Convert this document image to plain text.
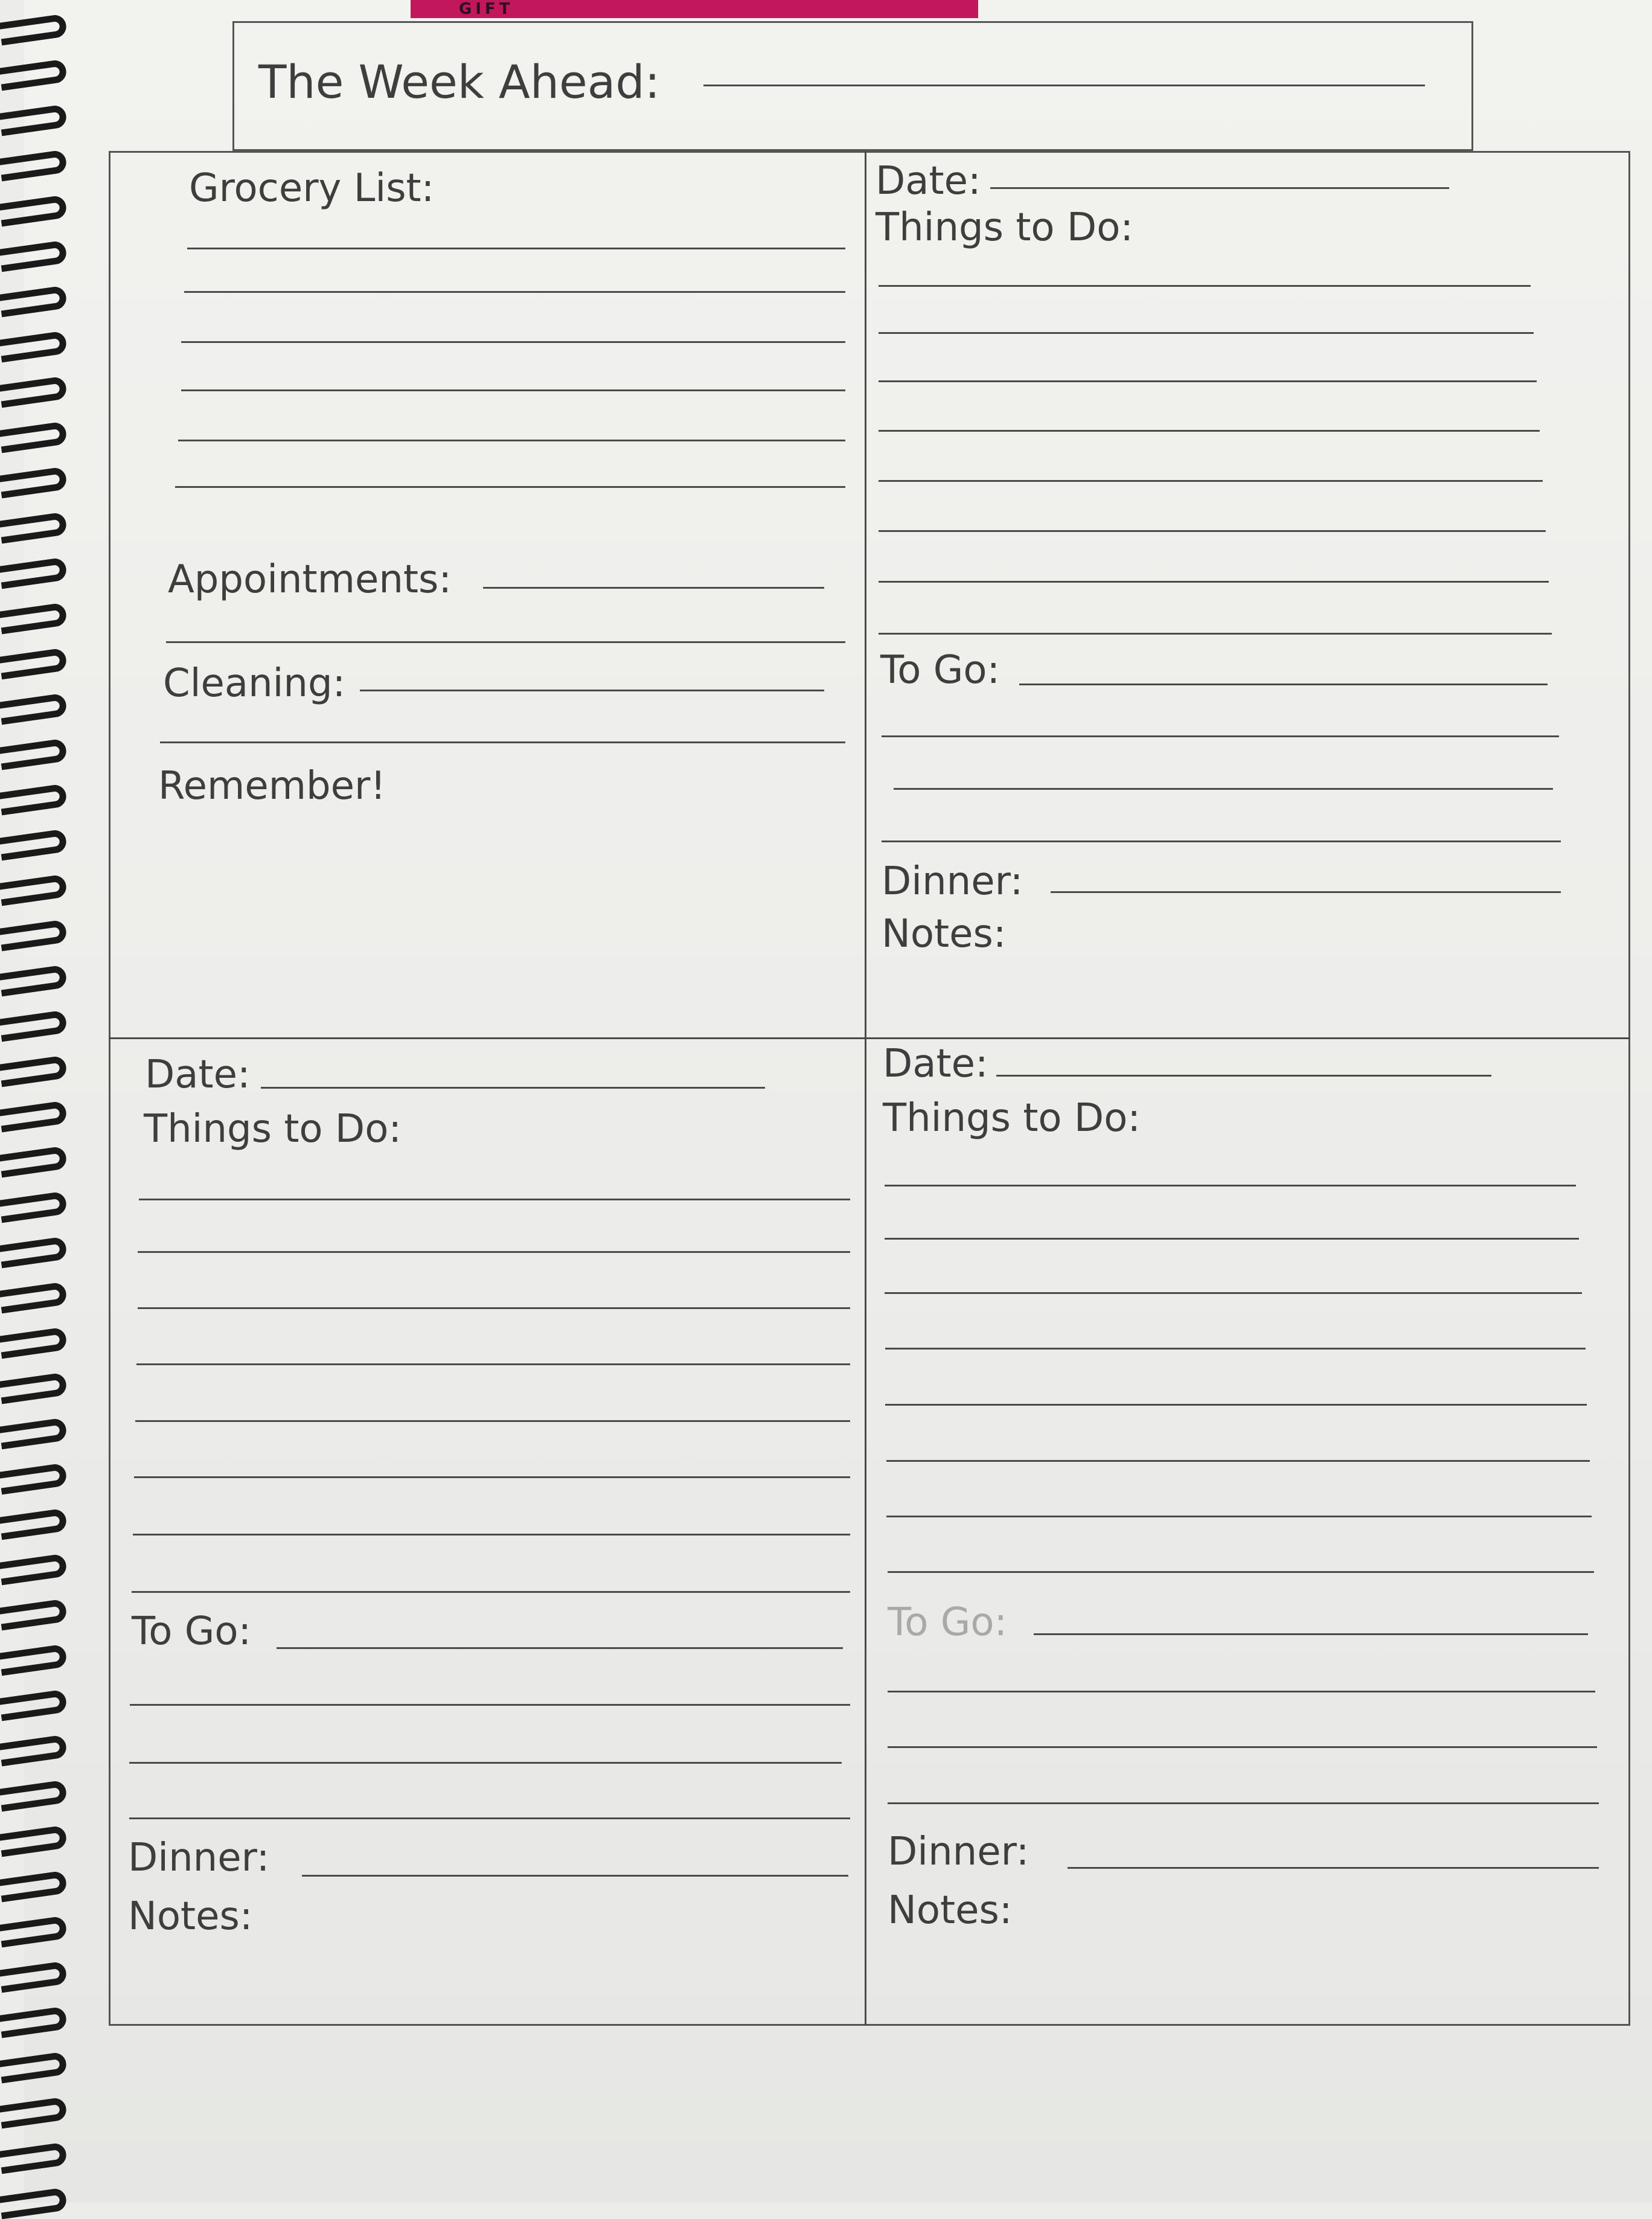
GIFT
The Week Ahead:
Grocery List:
Appointments:
Cleaning:
Remember!
Date:
Things to Do:
To Go:
Dinner:
Notes:
Date:
Things to Do:
To Go:
Dinner:
Notes:
Date:
Things to Do:
To Go:
Dinner:
Notes:
